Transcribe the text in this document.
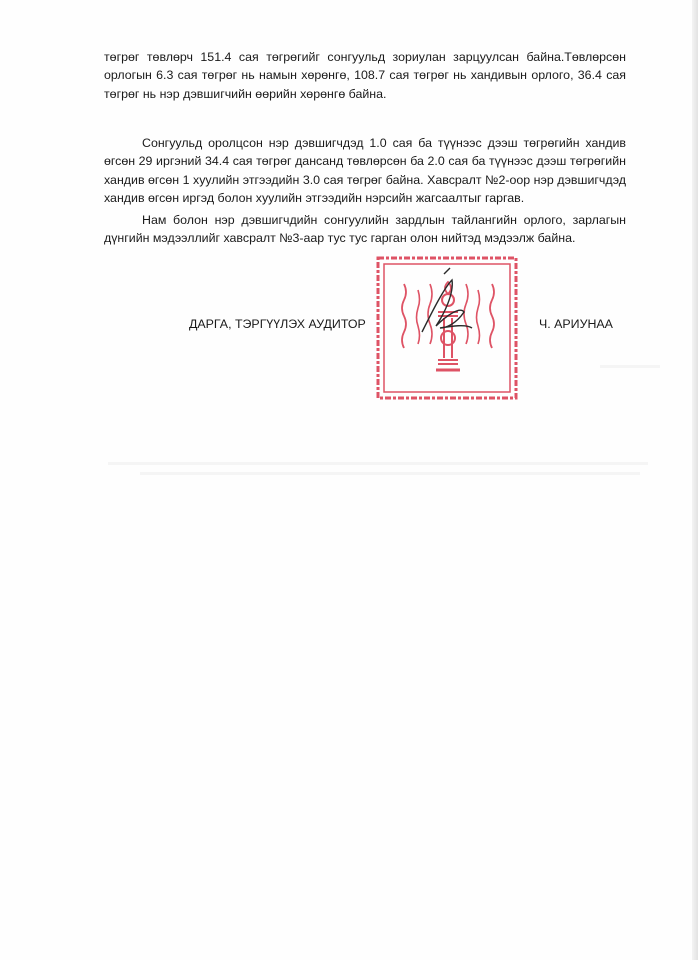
төгрөг төвлөрч 151.4 сая төгрөгийг сонгуульд зориулан зарцуулсан байна.Төвлөрсөн орлогын 6.3 сая төгрөг нь намын хөрөнгө, 108.7 сая төгрөг нь хандивын орлого, 36.4 сая төгрөг нь нэр дэвшигчийн өөрийн хөрөнгө байна.

Сонгуульд оролцсон нэр дэвшигчдэд 1.0 сая ба түүнээс дээш төгрөгийн хандив өгсөн 29 иргэний 34.4 сая төгрөг дансанд төвлөрсөн ба 2.0 сая ба түүнээс дээш төгрөгийн хандив өгсөн 1 хуулийн этгээдийн 3.0 сая төгрөг байна. Хавсралт №2-оор нэр дэвшигчдэд хандив өгсөн иргэд болон хуулийн этгээдийн нэрсийн жагсаалтыг гаргав.

Нам болон нэр дэвшигчдийн сонгуулийн зардлын тайлангийн орлого, зарлагын дүнгийн мэдээллийг хавсралт №3-аар тус тус гарган олон нийтэд мэдээлж байна.

ДАРГА, ТЭРГҮҮЛЭХ АУДИТОР	Ч. АРИУНАА
